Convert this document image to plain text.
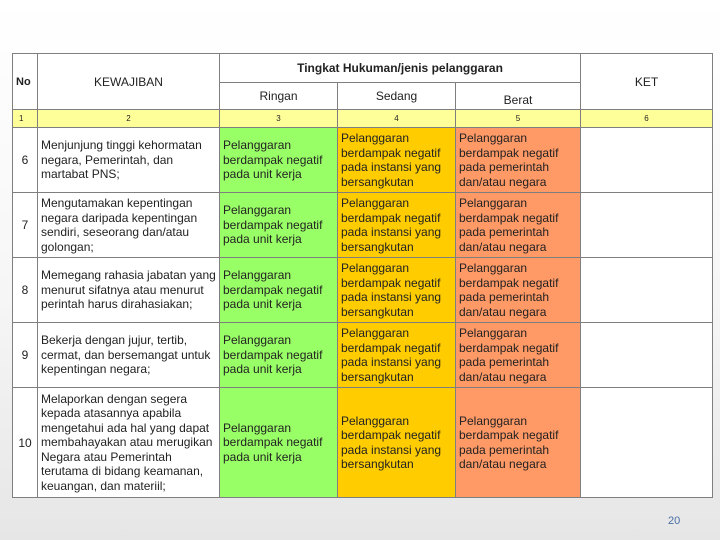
No	KEWAJIBAN	Tingkat Hukuman/jenis pelanggaran			KET
		Ringan	Sedang	Berat	
1	2	3	4	5	6
6	Menjunjung tinggi kehormatan negara, Pemerintah, dan martabat PNS;	Pelanggaran berdampak negatif pada unit kerja	Pelanggaran berdampak negatif pada instansi yang bersangkutan	Pelanggaran berdampak negatif pada pemerintah dan/atau negara	
7	Mengutamakan kepentingan negara daripada kepentingan sendiri, seseorang dan/atau golongan;	Pelanggaran berdampak negatif pada unit kerja	Pelanggaran berdampak negatif pada instansi yang bersangkutan	Pelanggaran berdampak negatif pada pemerintah dan/atau negara	
8	Memegang rahasia jabatan yang menurut sifatnya atau menurut perintah harus dirahasiakan;	Pelanggaran berdampak negatif pada unit kerja	Pelanggaran berdampak negatif pada instansi yang bersangkutan	Pelanggaran berdampak negatif pada pemerintah dan/atau negara	
9	Bekerja dengan jujur, tertib, cermat, dan bersemangat untuk kepentingan negara;	Pelanggaran berdampak negatif pada unit kerja	Pelanggaran berdampak negatif pada instansi yang bersangkutan	Pelanggaran berdampak negatif pada pemerintah dan/atau negara	
10	Melaporkan dengan segera kepada atasannya apabila mengetahui ada hal yang dapat membahayakan atau merugikan Negara atau Pemerintah terutama di bidang keamanan, keuangan, dan materiil;	Pelanggaran berdampak negatif pada unit kerja	Pelanggaran berdampak negatif pada instansi yang bersangkutan	Pelanggaran berdampak negatif pada pemerintah dan/atau negara	
20
